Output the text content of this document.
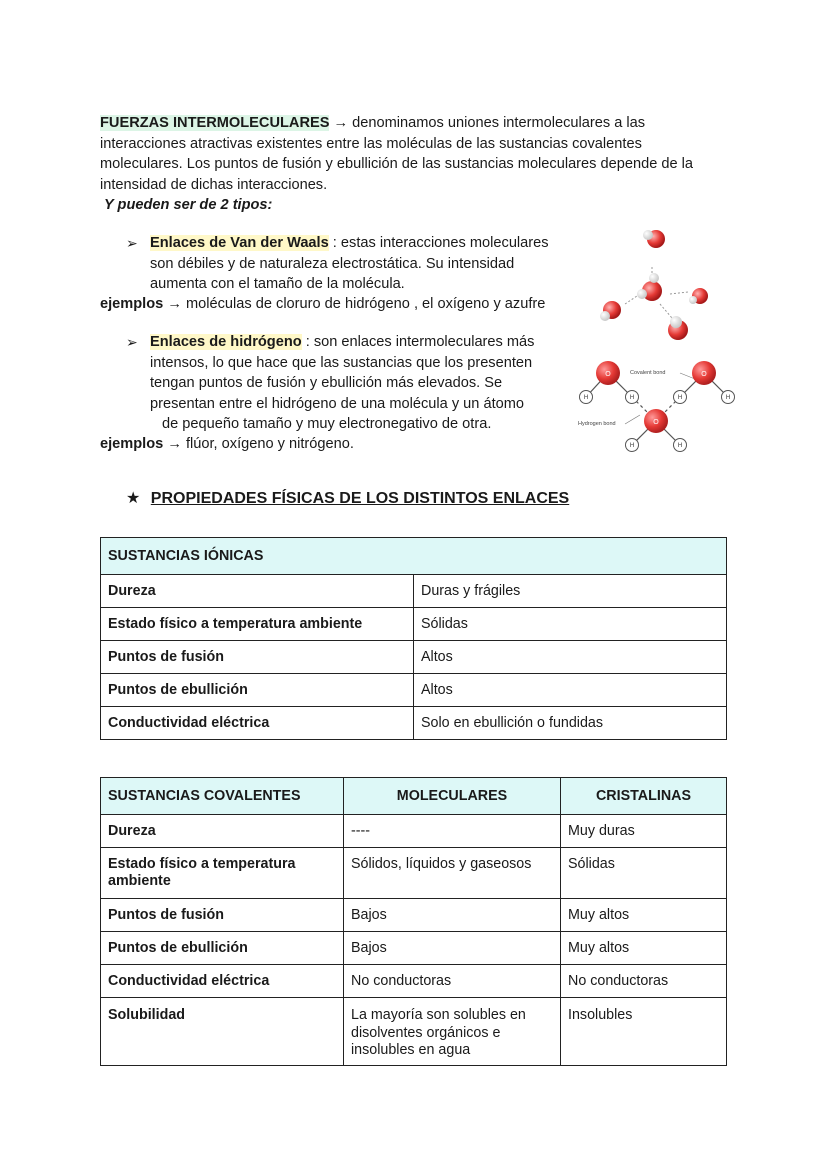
FUERZAS INTERMOLECULARES → denominamos uniones intermoleculares a las
interacciones atractivas existentes entre las moléculas de las sustancias covalentes
moleculares. Los puntos de fusión y ebullición de las sustancias moleculares depende de la
intensidad de dichas interacciones.
Y pueden ser de 2 tipos:
➢ Enlaces de Van der Waals : estas interacciones moleculares
son débiles y de naturaleza electrostática. Su intensidad
aumenta con el tamaño de la molécula.
ejemplos → moléculas de cloruro de hidrógeno , el oxígeno y azufre
➢ Enlaces de hidrógeno : son enlaces intermoleculares más
intensos, lo que hace que las sustancias que los presenten
tengan puntos de fusión y ebullición más elevados. Se
presentan entre el hidrógeno de una molécula y un átomo
de pequeño tamaño y muy electronegativo de otra.
ejemplos → flúor, oxígeno y nitrógeno.
O	O
O
H	H	H	H
H	H
Covalent bond
Hydrogen bond
★ PROPIEDADES FÍSICAS DE LOS DISTINTOS ENLACES
SUSTANCIAS IÓNICAS	
Dureza	Duras y frágiles
Estado físico a temperatura ambiente	Sólidas
Puntos de fusión	Altos
Puntos de ebullición	Altos
Conductividad eléctrica	Solo en ebullición o fundidas
SUSTANCIAS COVALENTES	MOLECULARES	CRISTALINAS
Dureza	----	Muy duras
Estado físico a temperatura ambiente	Sólidos, líquidos y gaseosos	Sólidas
Puntos de fusión	Bajos	Muy altos
Puntos de ebullición	Bajos	Muy altos
Conductividad eléctrica	No conductoras	No conductoras
Solubilidad	La mayoría son solubles en disolventes orgánicos e insolubles en agua	Insolubles
